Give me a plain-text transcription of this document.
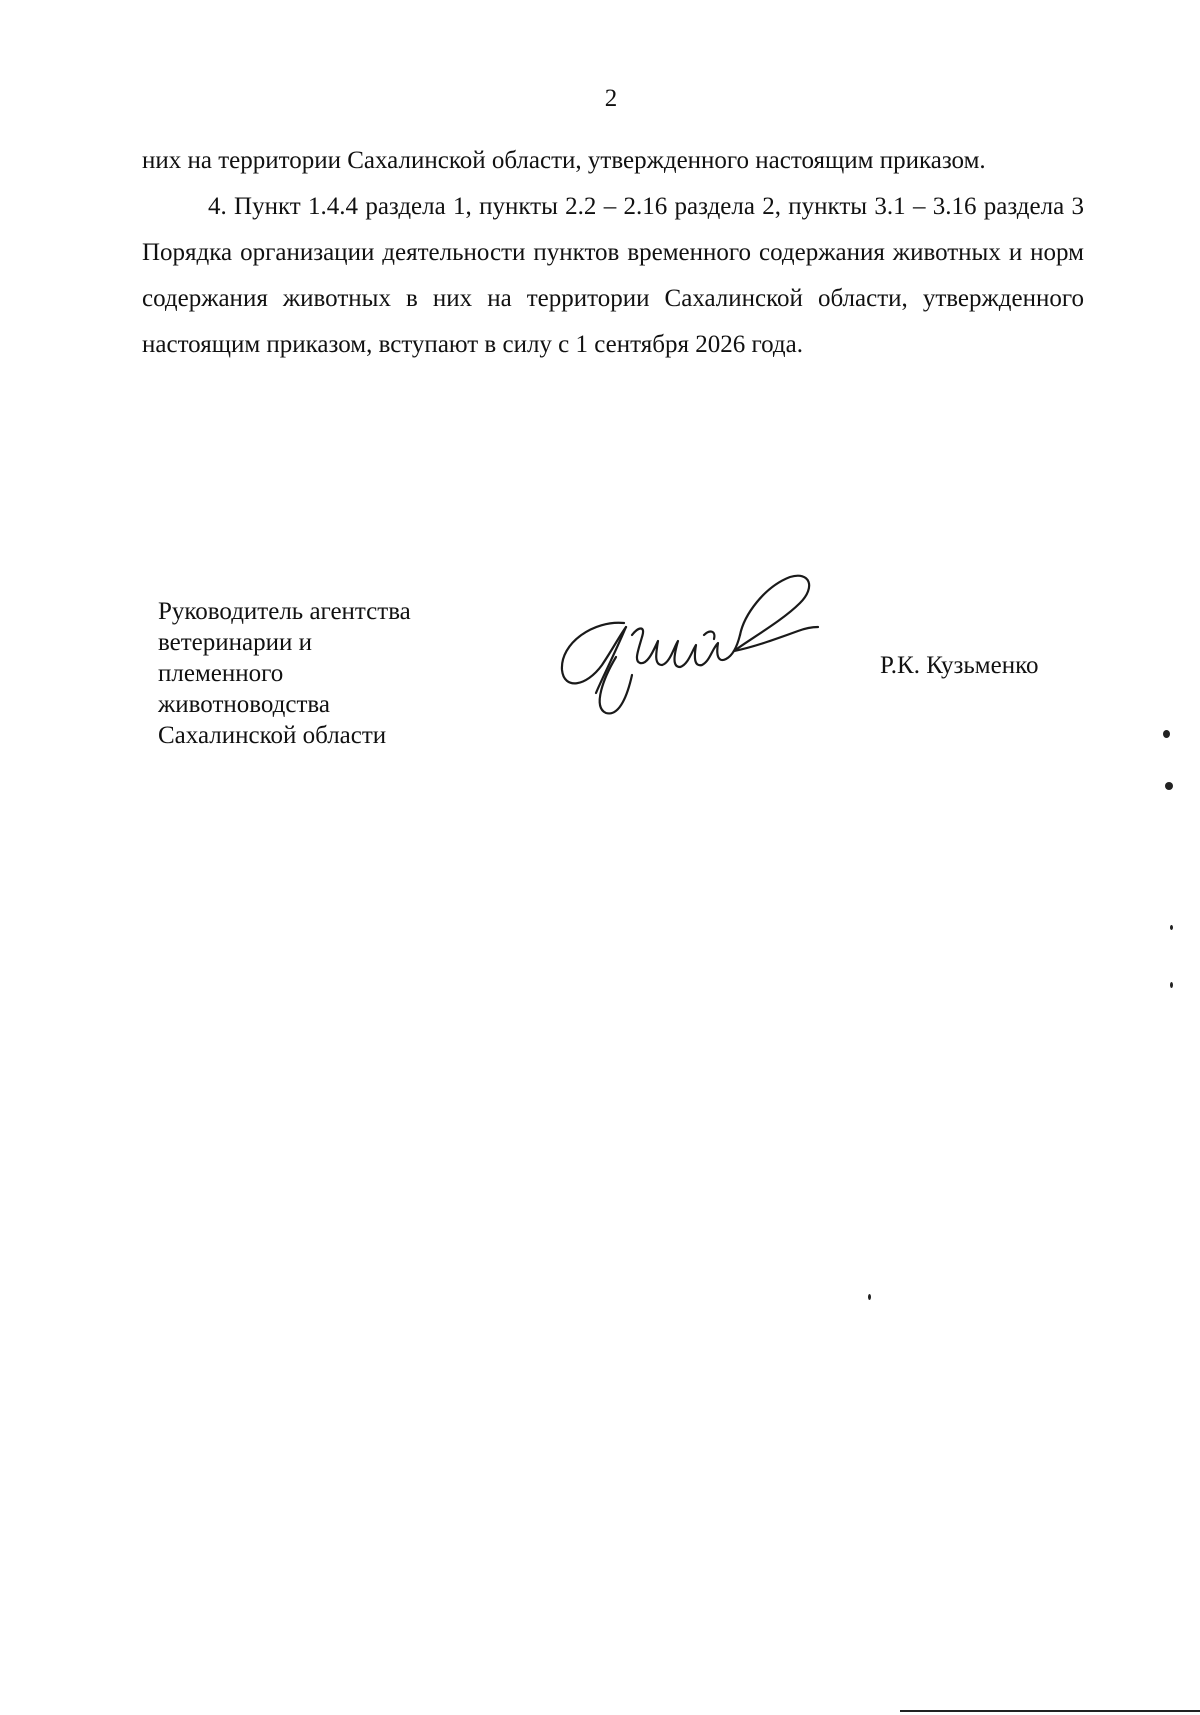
2

них на территории Сахалинской области, утвержденного настоящим приказом.

4. Пункт 1.4.4 раздела 1, пункты 2.2 – 2.16 раздела 2, пункты 3.1 – 3.16 раздела 3 Порядка организации деятельности пунктов временного содержания животных и норм содержания животных в них на территории Сахалинской области, утвержденного настоящим приказом, вступают в силу с 1 сентября 2026 года.

Руководитель агентства
ветеринарии и
племенного
животноводства
Сахалинской области
Р.К. Кузьменко
